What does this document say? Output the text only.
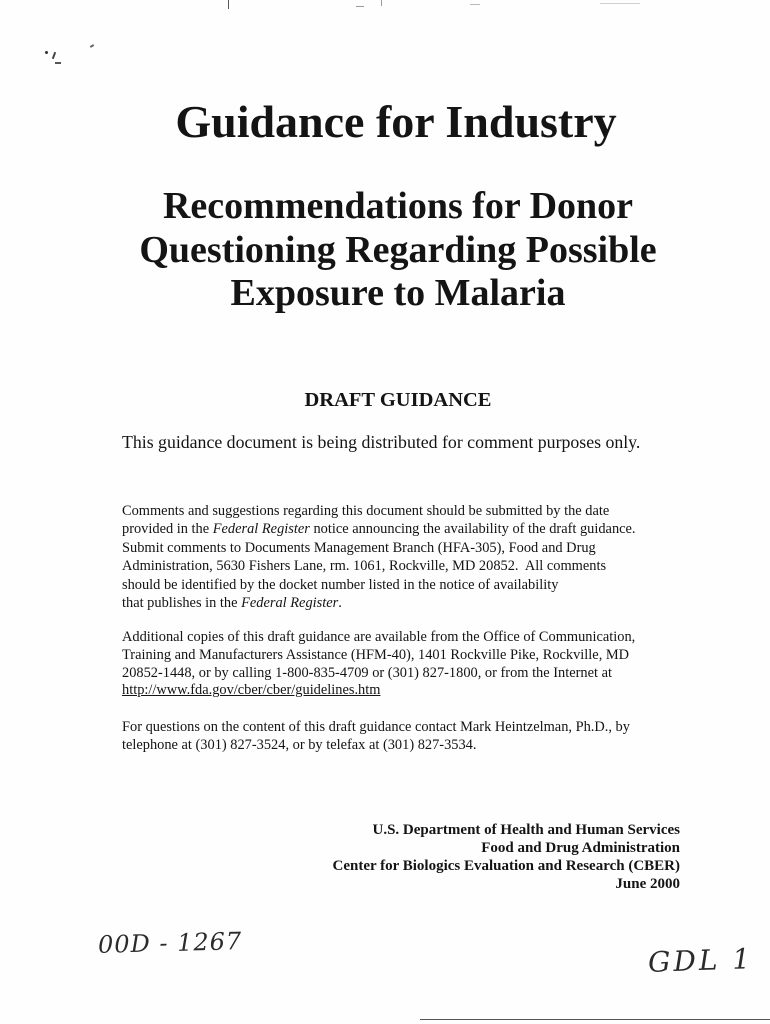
Guidance for Industry
Recommendations for Donor
Questioning Regarding Possible
Exposure to Malaria
DRAFT GUIDANCE
This guidance document is being distributed for comment purposes only.
Comments and suggestions regarding this document should be submitted by the date
provided in the Federal Register notice announcing the availability of the draft guidance.
Submit comments to Documents Management Branch (HFA-305), Food and Drug
Administration, 5630 Fishers Lane, rm. 1061, Rockville, MD 20852.  All comments
should be identified by the docket number listed in the notice of availability
that publishes in the Federal Register.
Additional copies of this draft guidance are available from the Office of Communication,
Training and Manufacturers Assistance (HFM-40), 1401 Rockville Pike, Rockville, MD
20852-1448, or by calling 1-800-835-4709 or (301) 827-1800, or from the Internet at
http://www.fda.gov/cber/cber/guidelines.htm
For questions on the content of this draft guidance contact Mark Heintzelman, Ph.D., by
telephone at (301) 827-3524, or by telefax at (301) 827-3534.
U.S. Department of Health and Human Services
Food and Drug Administration
Center for Biologics Evaluation and Research (CBER)
June 2000
00D - 1267	GDL 1
